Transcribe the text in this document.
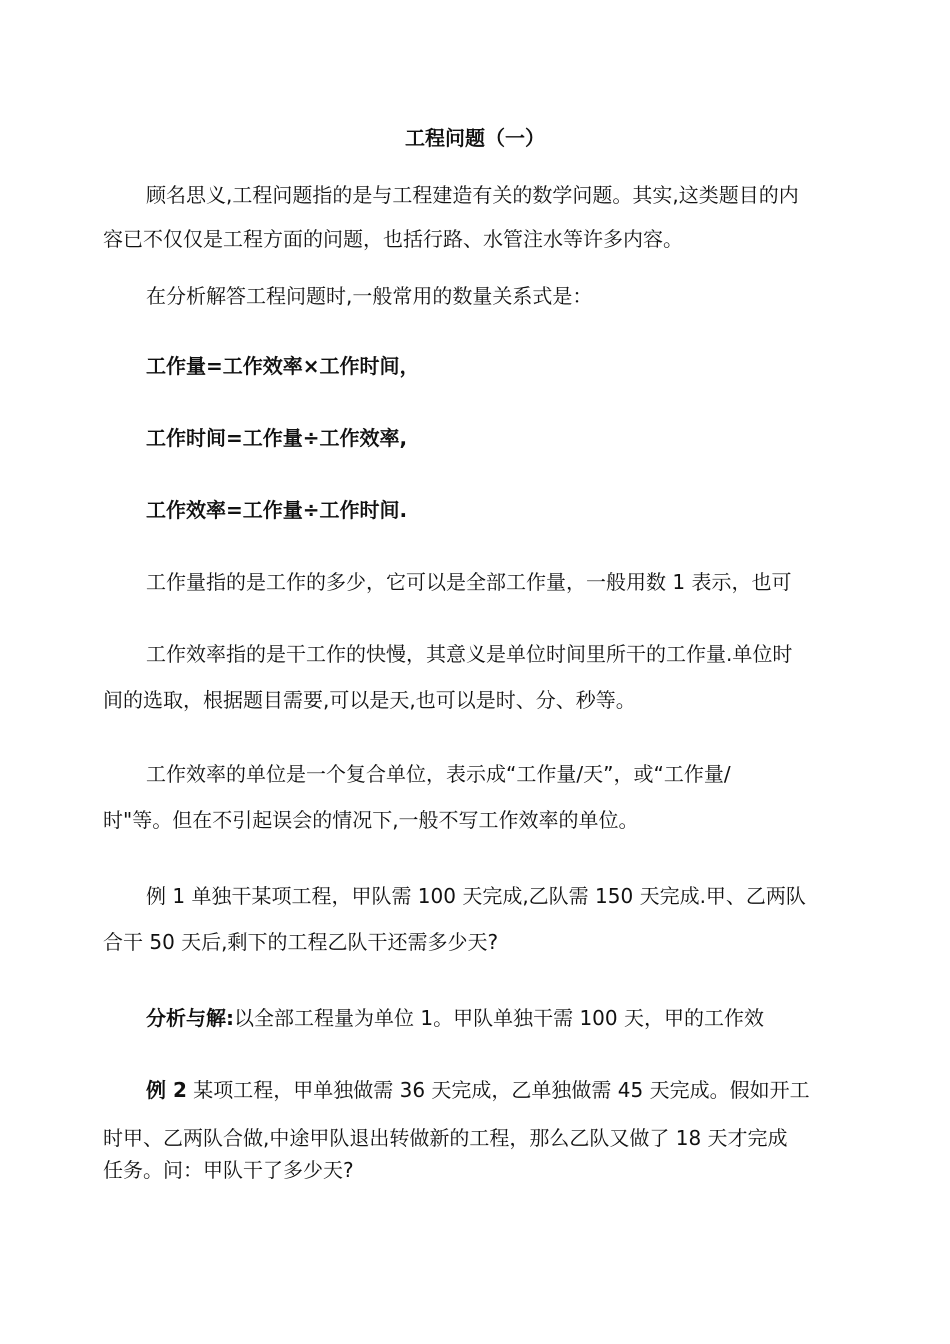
工程问题（一）
顾名思义,工程问题指的是与工程建造有关的数学问题。其实,这类题目的内
容已不仅仅是工程方面的问题，也括行路、水管注水等许多内容。
在分析解答工程问题时,一般常用的数量关系式是：
工作量=工作效率×工作时间，
工作时间=工作量÷工作效率,
工作效率=工作量÷工作时间.
工作量指的是工作的多少，它可以是全部工作量，一般用数 1 表示，也可
工作效率指的是干工作的快慢，其意义是单位时间里所干的工作量.单位时
间的选取，根据题目需要,可以是天,也可以是时、分、秒等。
工作效率的单位是一个复合单位，表示成“工作量/天”，或“工作量/
时"等。但在不引起误会的情况下,一般不写工作效率的单位。
例 1 单独干某项工程，甲队需 100 天完成,乙队需 150 天完成.甲、乙两队
合干 50 天后,剩下的工程乙队干还需多少天?
分析与解:以全部工程量为单位 1。甲队单独干需 100 天，甲的工作效
例 2 某项工程，甲单独做需 36 天完成，乙单独做需 45 天完成。假如开工
时甲、乙两队合做,中途甲队退出转做新的工程，那么乙队又做了 18 天才完成
任务。问：甲队干了多少天?
